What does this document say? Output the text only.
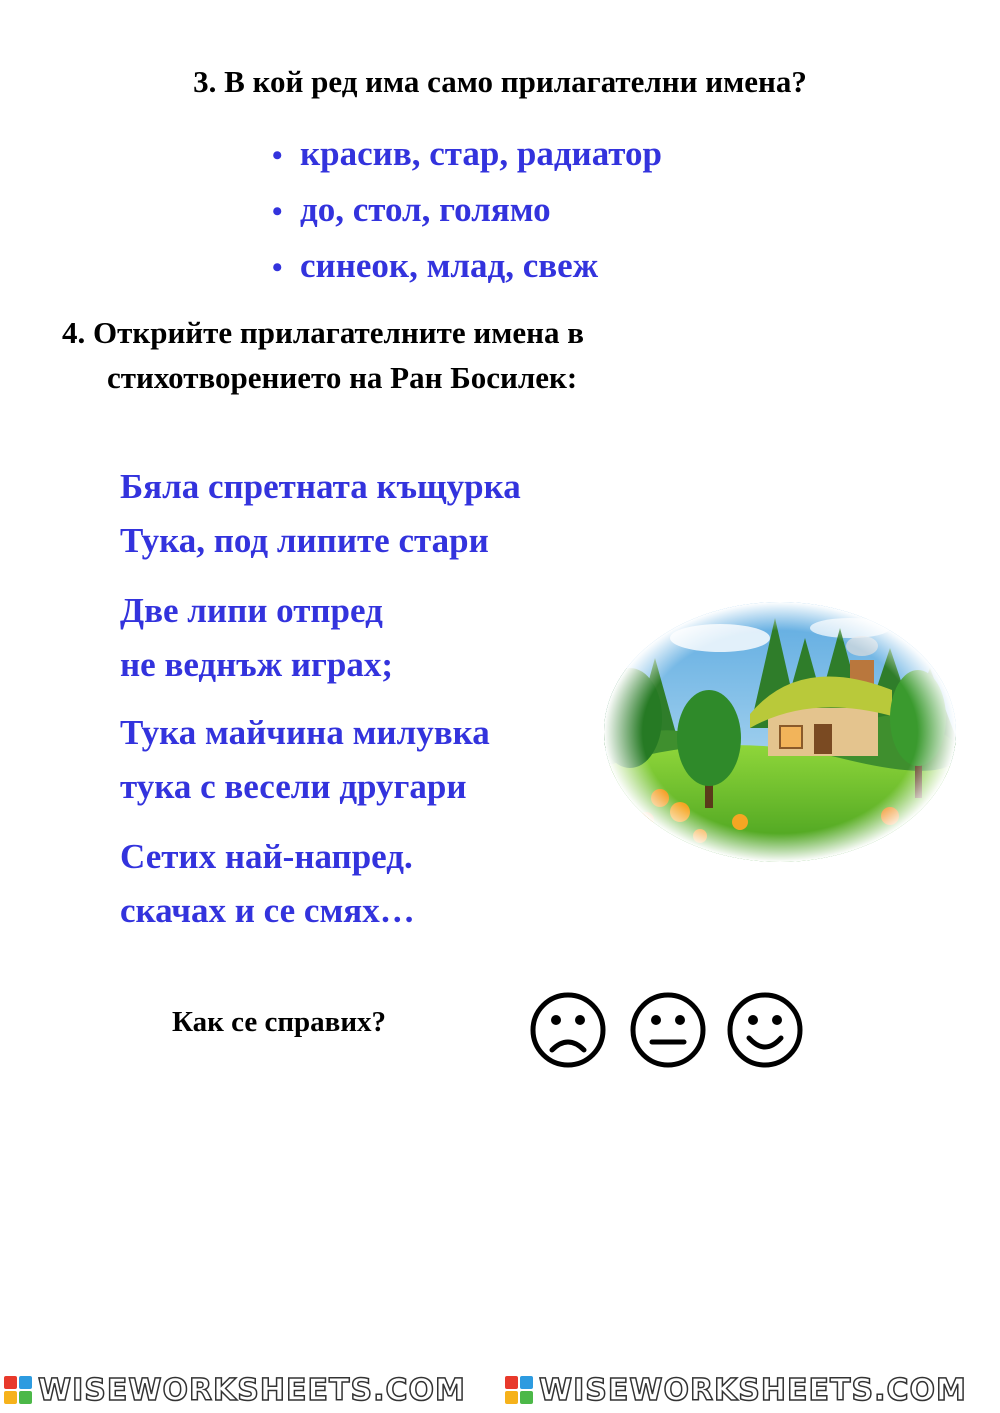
3. В кой ред има само прилагателни имена?
• красив, стар, радиатор
• до, стол, голямо
• синеок, млад, свеж
4. Открийте прилагателните имена в
стихотворението на Ран Босилек:
Бяла спретната къщурка
Тука, под липите стари
Две липи отпред
не веднъж играх;
Тука майчина милувка
тука с весели другари
Сетих най-напред.
скачах и се смях…
Как се справих?
WISEWORKSHEETS.COM WISEWORKSHEETS.COM
